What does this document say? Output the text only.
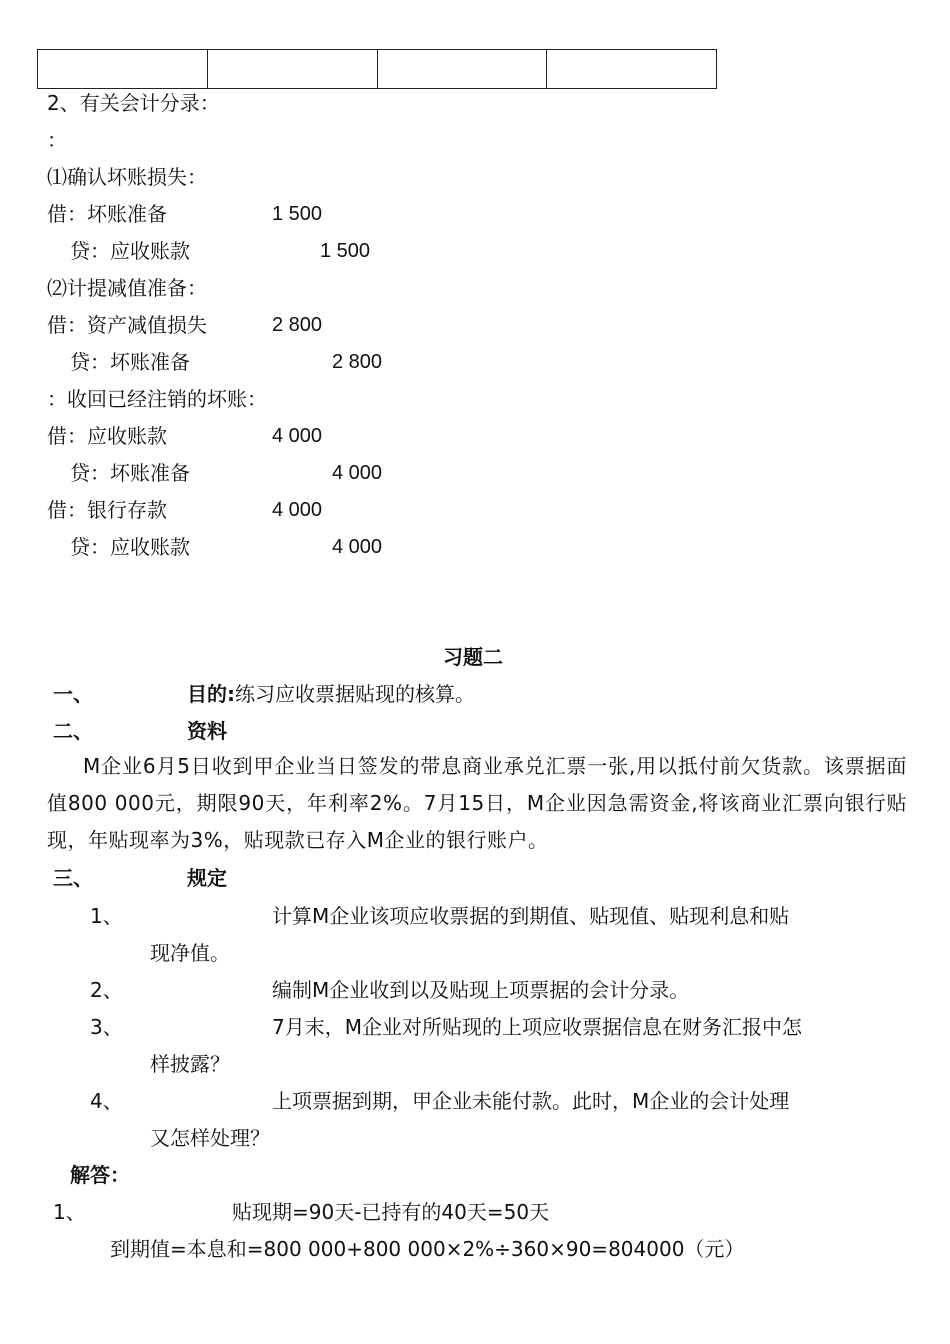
2、有关会计分录：
：
⑴确认坏账损失：
借：坏账准备	1 500
贷：应收账款	1 500
⑵计提减值准备：
借：资产减值损失	2 800
贷：坏账准备	2 800
：收回已经注销的坏账：
借：应收账款	4 000
贷：坏账准备	4 000
借：银行存款	4 000
贷：应收账款	4 000
习题二
一、	目的:练习应收票据贴现的核算。
二、	资料
M企业6月5日收到甲企业当日签发的带息商业承兑汇票一张,用以抵付前欠货款。该票据面值800 000元，期限90天，年利率2%。7月15日，M企业因急需资金,将该商业汇票向银行贴现，年贴现率为3%，贴现款已存入M企业的银行账户。
三、	规定
1、	计算M企业该项应收票据的到期值、贴现值、贴现利息和贴
现净值。
2、	编制M企业收到以及贴现上项票据的会计分录。
3、	7月末，M企业对所贴现的上项应收票据信息在财务汇报中怎
样披露？
4、	上项票据到期，甲企业未能付款。此时，M企业的会计处理
又怎样处理？
解答：
1、	贴现期=90天-已持有的40天=50天
到期值=本息和=800 000+800 000×2%÷360×90=804000（元）
